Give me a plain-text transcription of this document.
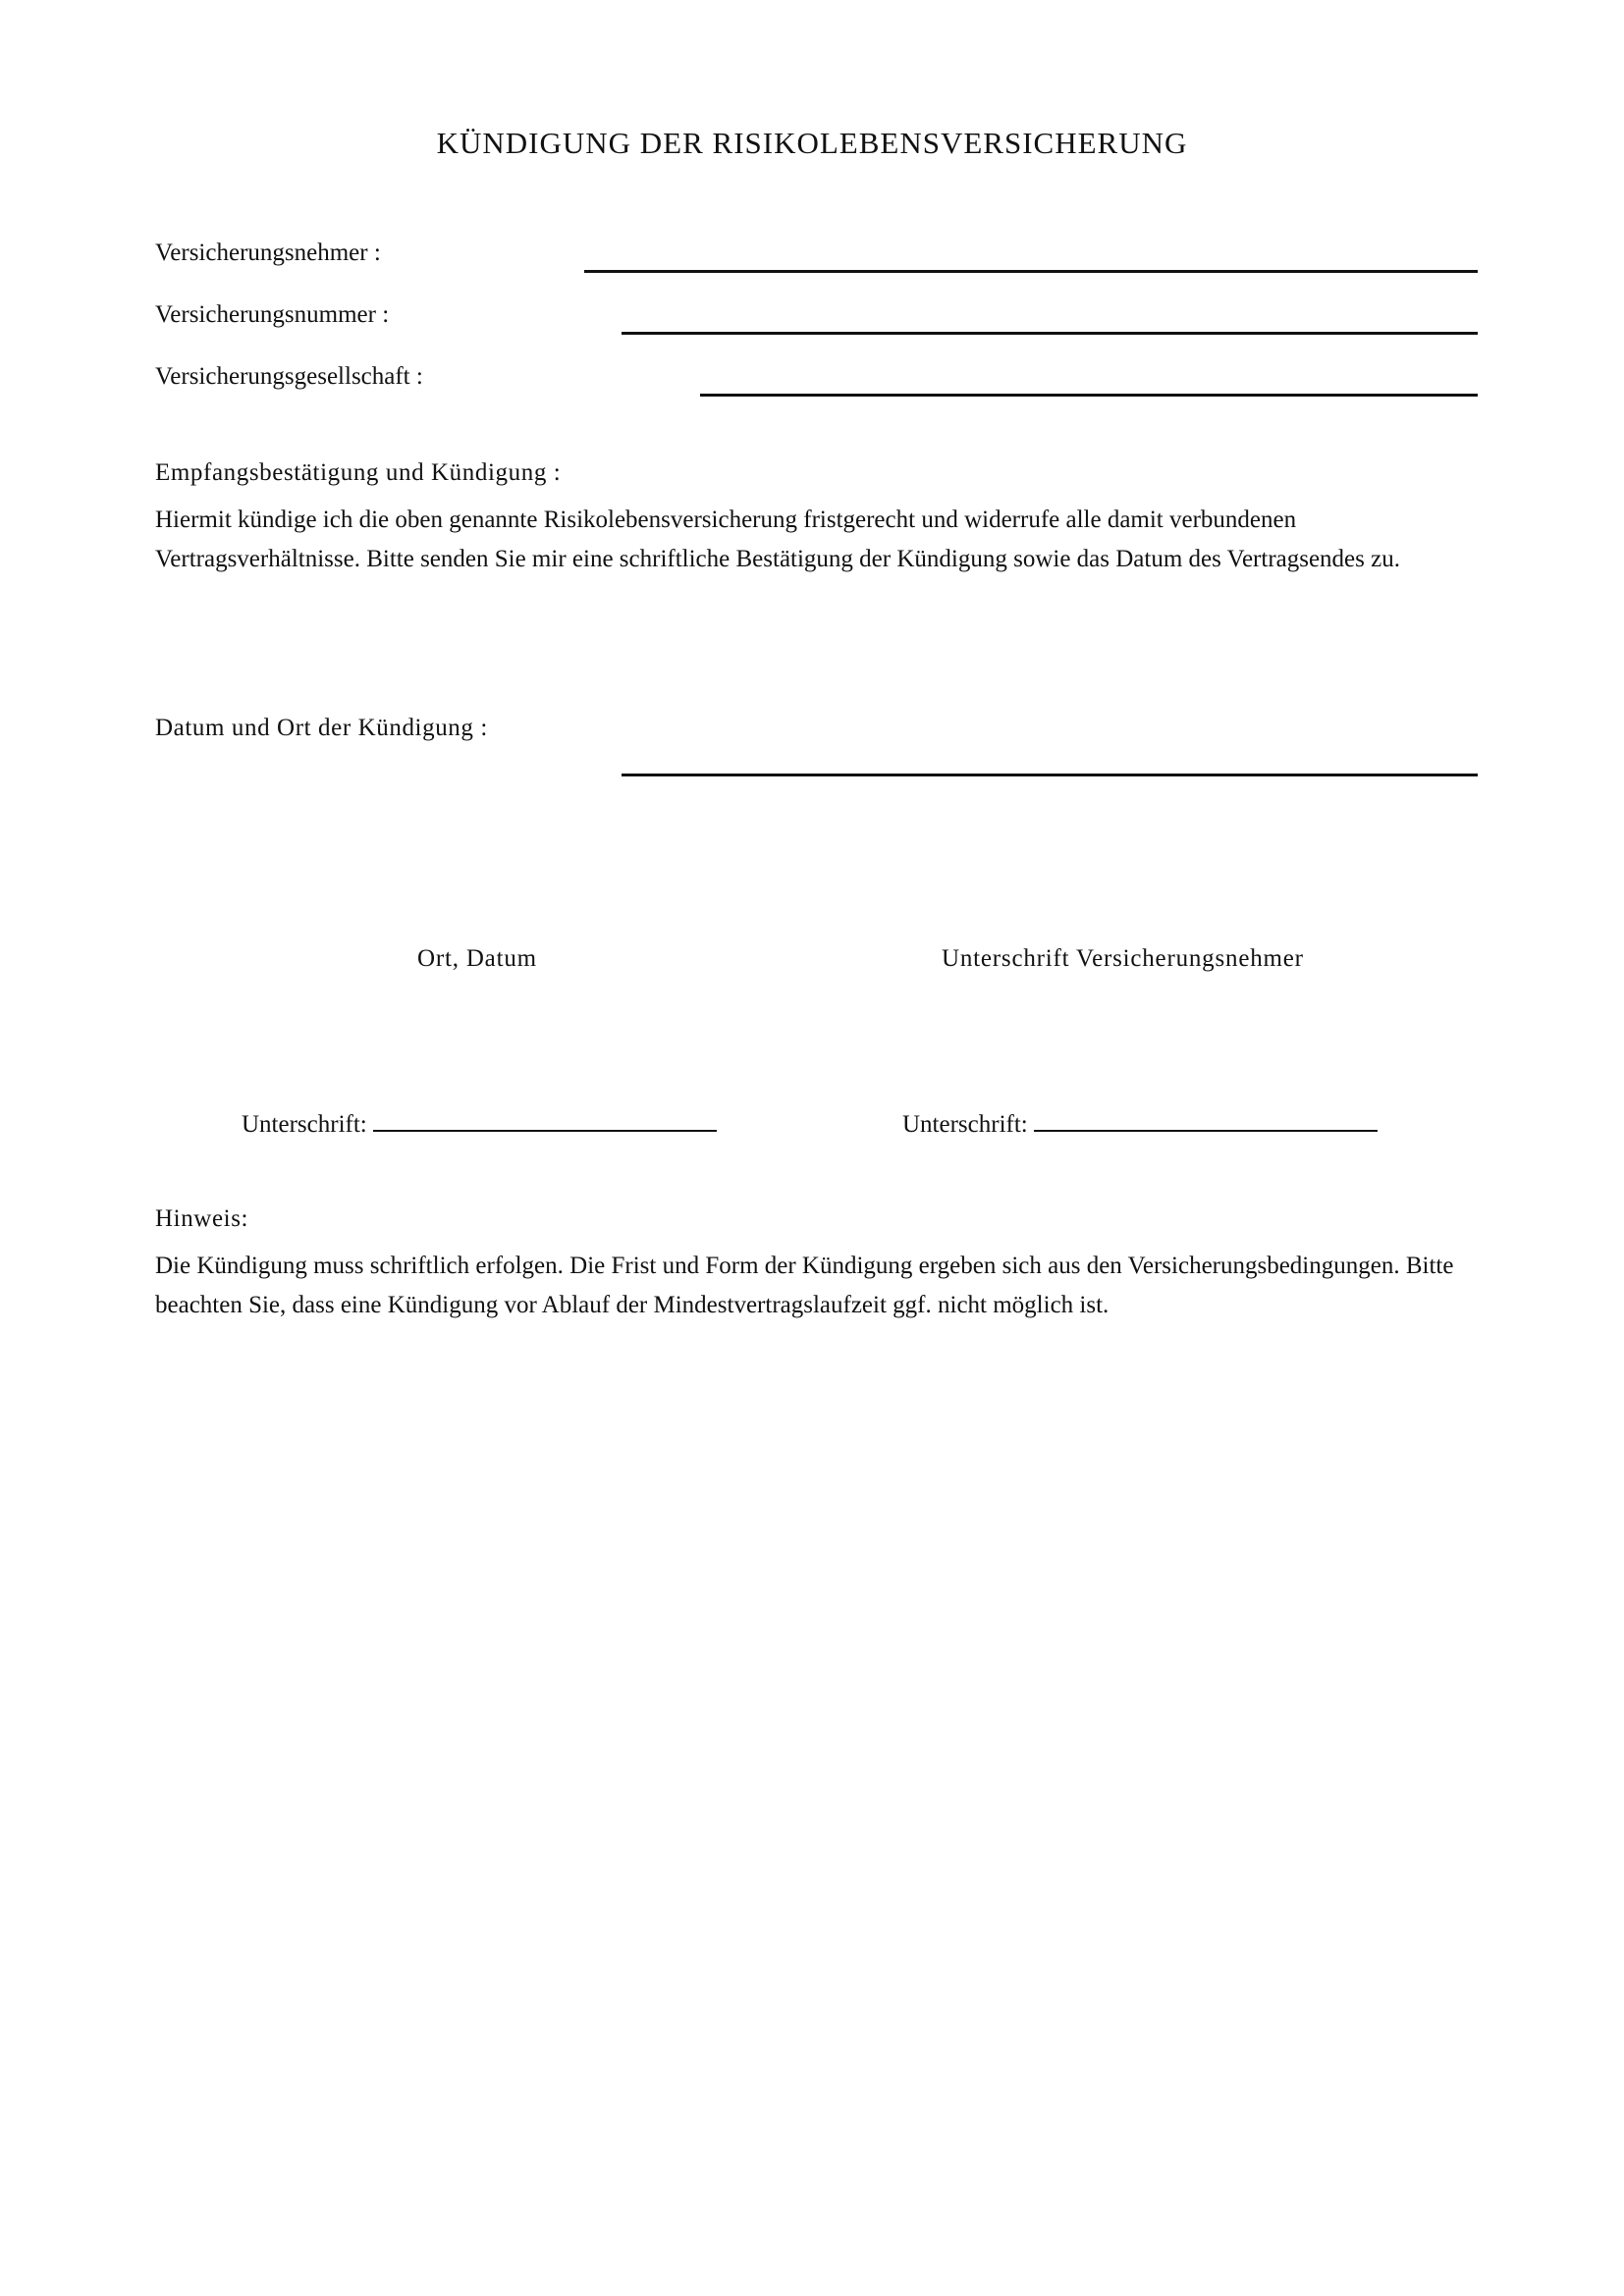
KÜNDIGUNG DER RISIKOLEBENSVERSICHERUNG
Versicherungsnehmer :
Versicherungsnummer :
Versicherungsgesellschaft :
Empfangsbestätigung und Kündigung :
Hiermit kündige ich die oben genannte Risikolebensversicherung fristgerecht und widerrufe alle damit verbundenen Vertragsverhältnisse. Bitte senden Sie mir eine schriftliche Bestätigung der Kündigung sowie das Datum des Vertragsendes zu.
Datum und Ort der Kündigung :
Ort, Datum	Unterschrift Versicherungsnehmer
Unterschrift:	Unterschrift:
Hinweis:
Die Kündigung muss schriftlich erfolgen. Die Frist und Form der Kündigung ergeben sich aus den Versicherungsbedingungen. Bitte beachten Sie, dass eine Kündigung vor Ablauf der Mindestvertragslaufzeit ggf. nicht möglich ist.
